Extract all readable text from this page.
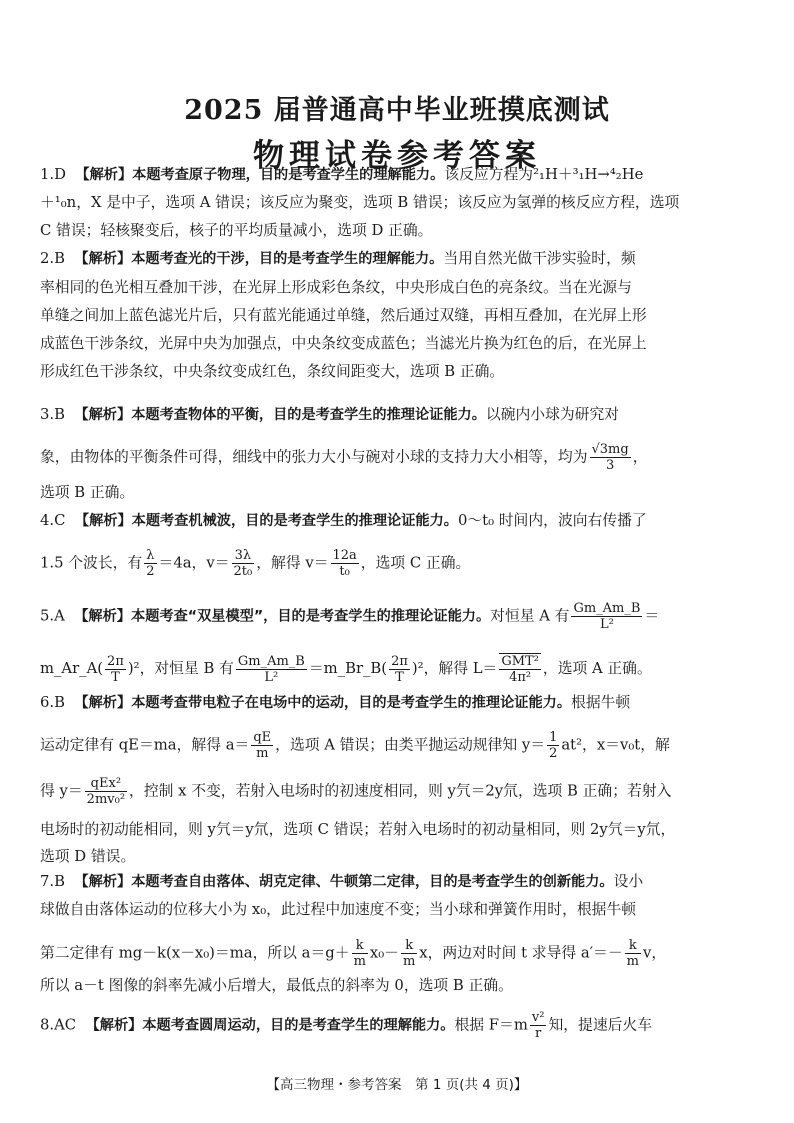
2025 届普通高中毕业班摸底测试
物理试卷参考答案
1.D 【解析】本题考查原子物理，目的是考查学生的理解能力。该反应方程为²₁H＋³₁H→⁴₂He
＋¹₀n，X 是中子，选项 A 错误；该反应为聚变，选项 B 错误；该反应为氢弹的核反应方程，选项
C 错误；轻核聚变后，核子的平均质量减小，选项 D 正确。
2.B 【解析】本题考查光的干涉，目的是考查学生的理解能力。当用自然光做干涉实验时，频
率相同的色光相互叠加干涉，在光屏上形成彩色条纹，中央形成白色的亮条纹。当在光源与
单缝之间加上蓝色滤光片后，只有蓝光能通过单缝，然后通过双缝，再相互叠加，在光屏上形
成蓝色干涉条纹，光屏中央为加强点，中央条纹变成蓝色；当滤光片换为红色的后，在光屏上
形成红色干涉条纹，中央条纹变成红色，条纹间距变大，选项 B 正确。
3.B 【解析】本题考查物体的平衡，目的是考查学生的推理论证能力。以碗内小球为研究对
象，由物体的平衡条件可得，细线中的张力大小与碗对小球的支持力大小相等，均为 $\frac{√3mg}{3}$ ，
选项 B 正确。
4.C 【解析】本题考查机械波，目的是考查学生的推理论证能力。0～t₀ 时间内，波向右传播了
1.5 个波长，有 $\frac{\lambda}{2} =4a$，$v= \frac{3\lambda}{\text{2t₀}}$ ，解得 $v= \frac{12a}{\text{t₀}}$ ，选项 C 正确。
5.A 【解析】本题考查“双星模型”，目的是考查学生的推理论证能力。对恒星 A 有 $\frac{Gm\_Am\_B}{\text{L²}}$ ＝
m_Ar_A( $\frac{2\pi}{T} )^2$，对恒星 B 有 $\frac{Gm\_Am\_B}{\text{L²}}$ ＝m_Br_B( $\frac{2\pi}{T} )^2$，解得 $L= \frac{\text{GMT²}}{\text{4π²}}$ ，选项 A 正确。
6.B 【解析】本题考查带电粒子在电场中的运动，目的是考查学生的推理论证能力。根据牛顿
运动定律有 qE＝ma，解得 $a= \frac{qE}{m}$ ，选项 A 错误；由类平抛运动规律知 $y= \frac{1}{2} at^2$，x＝v₀t，解
得 $y= \frac{\text{qEx²}}{\text{2mv₀²}}$ ，控制 x 不变，若射入电场时的初速度相同，则 y氕＝2y氘，选项 B 正确；若射入
电场时的初动能相同，则 y氕＝y氘，选项 C 错误；若射入电场时的初动量相同，则 2y氕＝y氘，
选项 D 错误。
7.B 【解析】本题考查自由落体、胡克定律、牛顿第二定律，目的是考查学生的创新能力。设小
球做自由落体运动的位移大小为 x₀，此过程中加速度不变；当小球和弹簧作用时，根据牛顿
第二定律有 mg－k(x－x₀)＝ma，所以 $a=g+ \frac{k}{m} x_0- \frac{k}{m}$ x，两边对时间 t 求导得 $a'=- \frac{k}{m}$ v，
所以 a－t 图像的斜率先减小后增大，最低点的斜率为 0，选项 B 正确。
8.AC 【解析】本题考查圆周运动，目的是考查学生的理解能力。根据 $F=m \frac{\text{v²}}{r}$ 知，提速后火车
【高三物理・参考答案　第 1 页(共 4 页)】
